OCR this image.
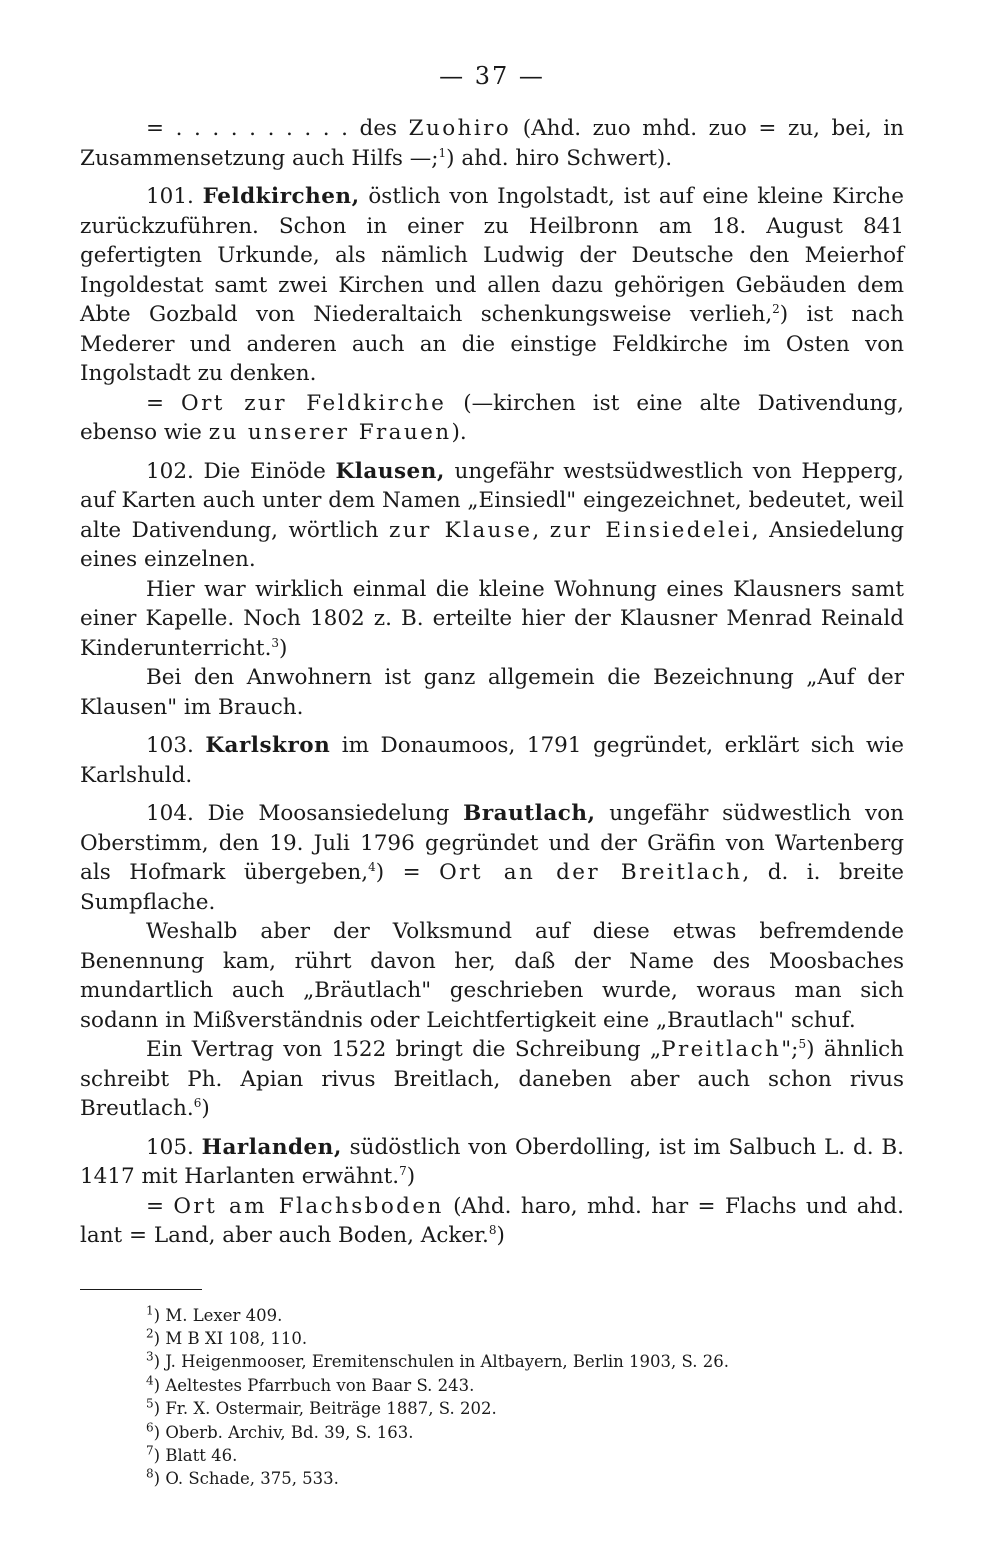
— 37 —

= . . . . . . . . . . des Zuohiro (Ahd. zuo mhd. zuo = zu, bei, in Zusammensetzung auch Hilfs —;$^1$) ahd. hiro Schwert).

101. Feldkirchen, östlich von Ingolstadt, ist auf eine kleine Kirche zurückzuführen. Schon in einer zu Heilbronn am 18. August 841 gefertigten Urkunde, als nämlich Ludwig der Deutsche den Meierhof Ingoldestat samt zwei Kirchen und allen dazu gehörigen Gebäuden dem Abte Gozbald von Niederaltaich schenkungsweise verlieh,$^2$) ist nach Mederer und anderen auch an die einstige Feldkirche im Osten von Ingolstadt zu denken.

= Ort zur Feldkirche (—kirchen ist eine alte Dativendung, ebenso wie zu unserer Frauen).

102. Die Einöde Klausen, ungefähr westsüdwestlich von Hepperg, auf Karten auch unter dem Namen „Einsiedl" eingezeichnet, bedeutet, weil alte Dativendung, wörtlich zur Klause, zur Einsiedelei, Ansiedelung eines einzelnen.

Hier war wirklich einmal die kleine Wohnung eines Klausners samt einer Kapelle. Noch 1802 z. B. erteilte hier der Klausner Menrad Reinald Kinderunterricht.$^3$)

Bei den Anwohnern ist ganz allgemein die Bezeichnung „Auf der Klausen" im Brauch.

103. Karlskron im Donaumoos, 1791 gegründet, erklärt sich wie Karlshuld.

104. Die Moosansiedelung Brautlach, ungefähr südwestlich von Oberstimm, den 19. Juli 1796 gegründet und der Gräfin von Wartenberg als Hofmark übergeben,$^4$) = Ort an der Breitlach, d. i. breite Sumpflache.

Weshalb aber der Volksmund auf diese etwas befremdende Benennung kam, rührt davon her, daß der Name des Moosbaches mundartlich auch „Bräutlach" geschrieben wurde, woraus man sich sodann in Mißverständnis oder Leichtfertigkeit eine „Brautlach" schuf.

Ein Vertrag von 1522 bringt die Schreibung „Preitlach";$^5$) ähnlich schreibt Ph. Apian rivus Breitlach, daneben aber auch schon rivus Breutlach.$^6$)

105. Harlanden, südöstlich von Oberdolling, ist im Salbuch L. d. B. 1417 mit Harlanten erwähnt.$^7$)

= Ort am Flachsboden (Ahd. haro, mhd. har = Flachs und ahd. lant = Land, aber auch Boden, Acker.$^8$)

$^1$) M. Lexer 409.
$^2$) M B XI 108, 110.
$^3$) J. Heigenmooser, Eremitenschulen in Altbayern, Berlin 1903, S. 26.
$^4$) Aeltestes Pfarrbuch von Baar S. 243.
$^5$) Fr. X. Ostermair, Beiträge 1887, S. 202.
$^6$) Oberb. Archiv, Bd. 39, S. 163.
$^7$) Blatt 46.
$^8$) O. Schade, 375, 533.
